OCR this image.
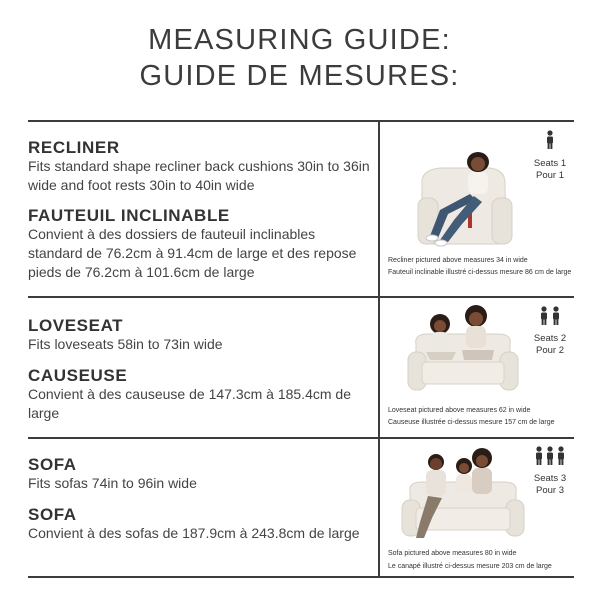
MEASURING GUIDE:
GUIDE DE MESURES:
RECLINER
Fits standard shape recliner back cushions 30in to 36in wide and foot rests 30in to 40in wide
FAUTEUIL INCLINABLE
Convient à des dossiers de fauteuil inclinables standard de 76.2cm à 91.4cm de large et des repose pieds de 76.2cm à 101.6cm de large
Seats 1
Pour 1
Recliner pictured above measures 34 in wide
Fauteuil inclinable illustré ci-dessus mesure 86 cm de large
LOVESEAT
Fits loveseats 58in to 73in wide
CAUSEUSE
Convient à des causeuse de 147.3cm à 185.4cm de large
Seats 2
Pour 2
Loveseat pictured above measures 62 in wide
Causeuse illustrée ci-dessus mesure 157 cm de large
SOFA
Fits sofas 74in to 96in wide
SOFA
Convient à des sofas de 187.9cm à 243.8cm de large
Seats 3
Pour 3
Sofa pictured above measures 80 in wide
Le canapé illustré ci-dessus mesure 203 cm de large
